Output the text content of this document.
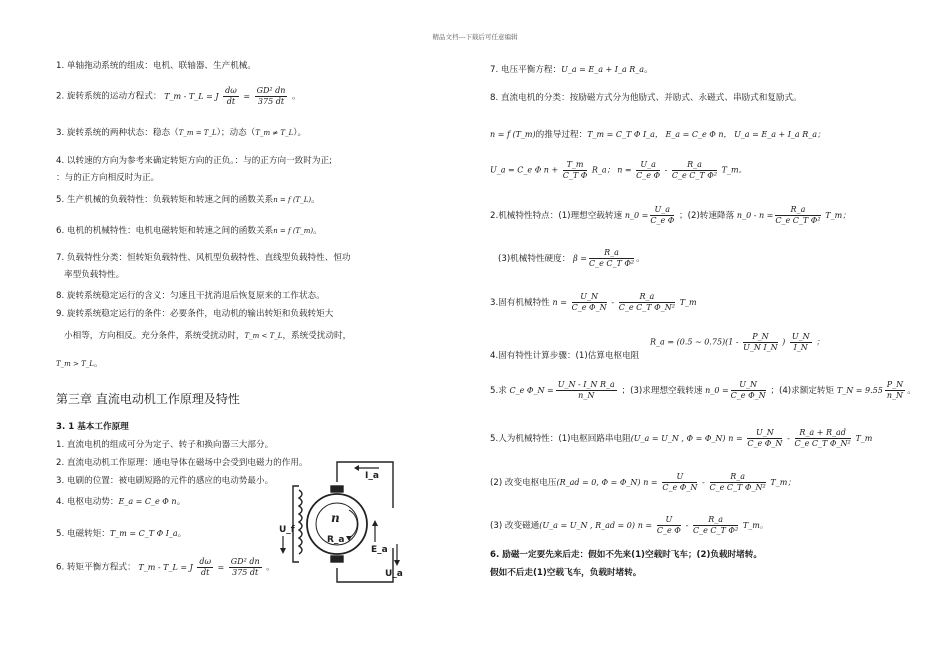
精品文档---下载后可任意编辑
1. 单轴拖动系统的组成：电机、联轴器、生产机械。
2. 旋转系统的运动方程式： T_m - T_L = J $\frac{d\omega}{dt} = \frac{\text{GD² dn}}{375 dt}$ 。
3. 旋转系统的两种状态：稳态（T_m = T_L）；动态（T_m ≠ T_L）。
4. 以转速的方向为参考来确定转矩方向的正负。：与的正方向一致时为正;
：与的正方向相反时为正。
5. 生产机械的负载特性：负载转矩和转速之间的函数关系n = f (T_L)。
6. 电机的机械特性：电机电磁转矩和转速之间的函数关系n = f (T_m)。
7. 负载特性分类：恒转矩负载特性、风机型负载特性、直线型负载特性、恒功
率型负载特性。
8. 旋转系统稳定运行的含义：匀速且干扰消退后恢复原来的工作状态。
9. 旋转系统稳定运行的条件：必要条件，电动机的输出转矩和负载转矩大
小相等，方向相反。充分条件，系统受扰动时，T_m < T_L，系统受扰动时，
T_m > T_L。
第三章 直流电动机工作原理及特性
3. 1 基本工作原理
1. 直流电机的组成可分为定子、转子和换向器三大部分。
2. 直流电动机工作原理：通电导体在磁场中会受到电磁力的作用。
3. 电刷的位置：被电刷短路的元件的感应的电动势最小。
4. 电枢电动势：E_a = C_e Φ n。
5. 电磁转矩：T_m = C_T Φ I_a。
6. 转矩平衡方程式： T_m - T_L = J $\frac{d\omega}{dt} = \frac{\text{GD² dn}}{375 dt}$ 。
n
R_a
I_a
U_f
E_a
U_a
7. 电压平衡方程：U_a = E_a + I_a R_a。
8. 直流电机的分类：按励磁方式分为他励式、并励式、永磁式、串励式和复励式。
n = f (T_m)的推导过程：T_m = C_T Φ I_a， E_a = C_e Φ n， U_a = E_a + I_a R_a；
U_a = C_e Φ $n + \frac{T\_m}{\text{C\_T Φ}}$ R_a； $n = \frac{U\_a}{\text{C\_e Φ}} - \frac{R\_a}{\text{C\_e C\_T Φ²}}$ T_m。
2.机械特性特点：(1)理想空载转速 n_0 = $\frac{U\_a}{\text{C\_e Φ}}$ ；(2)转速降落 n_0 - $n = \frac{R\_a}{\text{C\_e C\_T Φ²}}$ T_m；
(3)机械特性硬度： $\beta = \frac{R\_a}{\text{C\_e C\_T Φ²}}$ 。
3.固有机械特性 $n = \frac{U\_N}{\text{C\_e Φ\_N}} - \frac{R\_a}{\text{C\_e C\_T Φ\_N²}}$ T_m
R_a = (0.5 ~ $0.75)(1 - \frac{P\_N}{\text{U\_N I\_N}}$ ) $\frac{U\_N}{I\_N}$ ；
4.固有特性计算步骤：(1)估算电枢电阻
5.求 C_e Φ_N = $\frac{\text{U\_N - I\_N R\_a}}{n\_N}$ ；(3)求理想空载转速 n_0 = $\frac{U\_N}{\text{C\_e Φ\_N}}$ ；(4)求额定转矩 T_N = $9.55 \frac{P\_N}{n\_N}$ 。
5.人为机械特性：(1)电枢回路串电阻(U_a = U_N , Φ = Φ_N) $n = \frac{U\_N}{\text{C\_e Φ\_N}} - \frac{R\_a + R\_ad}{\text{C\_e C\_T Φ\_N²}}$ T_m
(2) 改变电枢电压(R_ad = 0, Φ = Φ_N) $n = \frac{U}{\text{C\_e Φ\_N}} - \frac{R\_a}{\text{C\_e C\_T Φ\_N²}}$ T_m；
(3) 改变磁通(U_a = U_N , R_ad = 0) $n = \frac{U}{\text{C\_e Φ}} - \frac{R\_a}{\text{C\_e C\_T Φ²}}$ T_m。
6. 励磁一定要先来后走：假如不先来(1)空载时飞车；(2)负载时堵转。
假如不后走(1)空载飞车，负载时堵转。
